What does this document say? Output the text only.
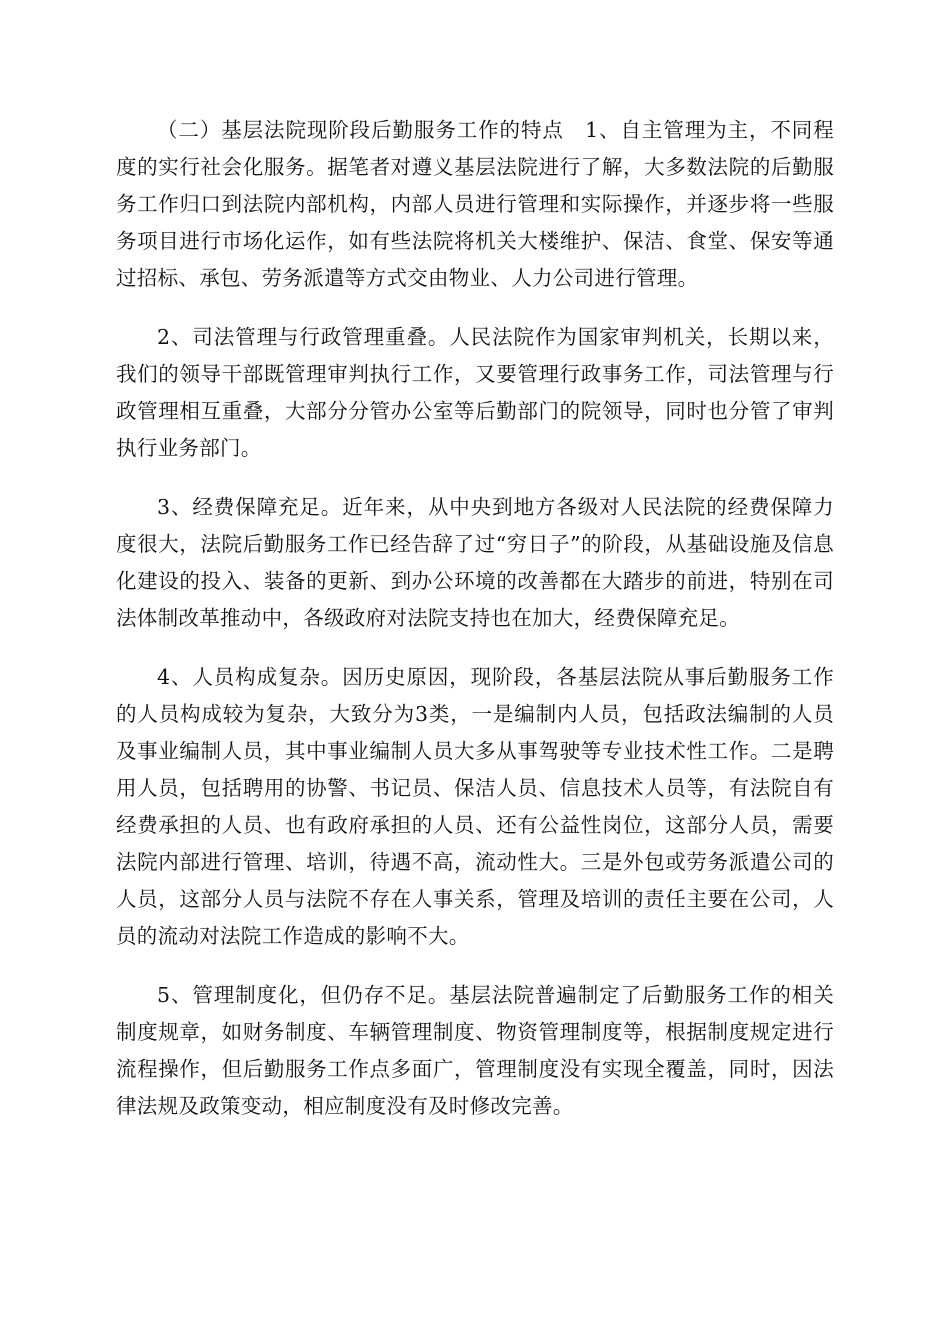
（二）基层法院现阶段后勤服务工作的特点　1、自主管理为主，不同程度的实行社会化服务。据笔者对遵义基层法院进行了解，大多数法院的后勤服务工作归口到法院内部机构，内部人员进行管理和实际操作，并逐步将一些服务项目进行市场化运作，如有些法院将机关大楼维护、保洁、食堂、保安等通过招标、承包、劳务派遣等方式交由物业、人力公司进行管理。

2、司法管理与行政管理重叠。人民法院作为国家审判机关，长期以来，我们的领导干部既管理审判执行工作，又要管理行政事务工作，司法管理与行政管理相互重叠，大部分分管办公室等后勤部门的院领导，同时也分管了审判执行业务部门。

3、经费保障充足。近年来，从中央到地方各级对人民法院的经费保障力度很大，法院后勤服务工作已经告辞了过“穷日子”的阶段，从基础设施及信息化建设的投入、装备的更新、到办公环境的改善都在大踏步的前进，特别在司法体制改革推动中，各级政府对法院支持也在加大，经费保障充足。

4、人员构成复杂。因历史原因，现阶段，各基层法院从事后勤服务工作的人员构成较为复杂，大致分为3类，一是编制内人员，包括政法编制的人员及事业编制人员，其中事业编制人员大多从事驾驶等专业技术性工作。二是聘用人员，包括聘用的协警、书记员、保洁人员、信息技术人员等，有法院自有经费承担的人员、也有政府承担的人员、还有公益性岗位，这部分人员，需要法院内部进行管理、培训，待遇不高，流动性大。三是外包或劳务派遣公司的人员，这部分人员与法院不存在人事关系，管理及培训的责任主要在公司，人员的流动对法院工作造成的影响不大。

5、管理制度化，但仍存不足。基层法院普遍制定了后勤服务工作的相关制度规章，如财务制度、车辆管理制度、物资管理制度等，根据制度规定进行流程操作，但后勤服务工作点多面广，管理制度没有实现全覆盖，同时，因法律法规及政策变动，相应制度没有及时修改完善。
